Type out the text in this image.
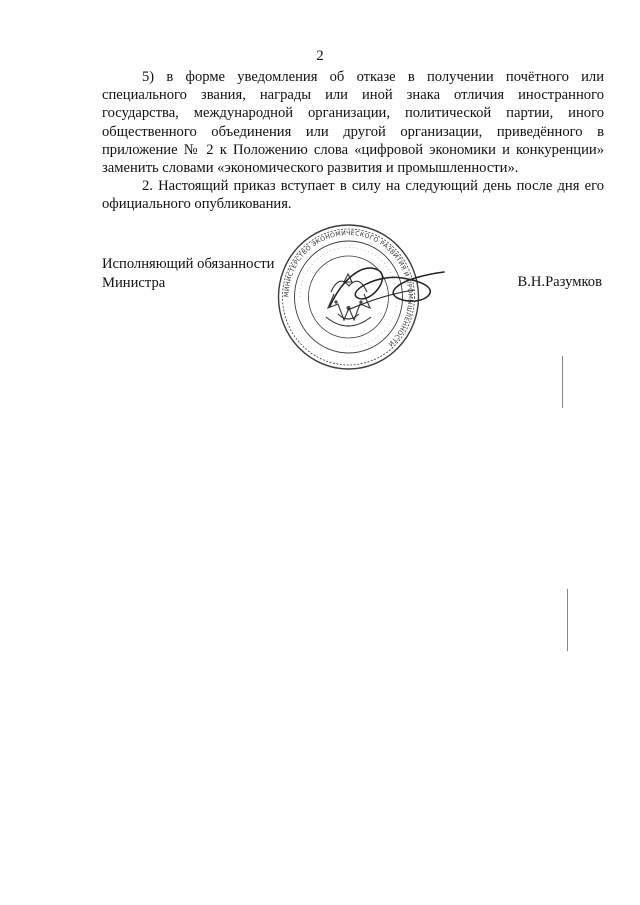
2

5) в форме уведомления об отказе в получении почётного или специального звания, награды или иной знака отличия иностранного государства, международной организации, политической партии, иного общественного объединения или другой организации, приведённого в приложение № 2 к Положению слова «цифровой экономики и конкуренции» заменить словами «экономического развития и промышленности».

2. Настоящий приказ вступает в силу на следующий день после дня его официального опубликования.

Исполняющий обязанности
Министра	В.Н.Разумков
МИНИСТЕРСТВО ЭКОНОМИЧЕСКОГО РАЗВИТИЯ И ПРОМЫШЛЕННОСТИ
· · · · · · · · · · · · · · · · · · · · · · · · · · · · · · · · · · · · · · · · · · · · · · · · · · · · · · · · · · · · ·
